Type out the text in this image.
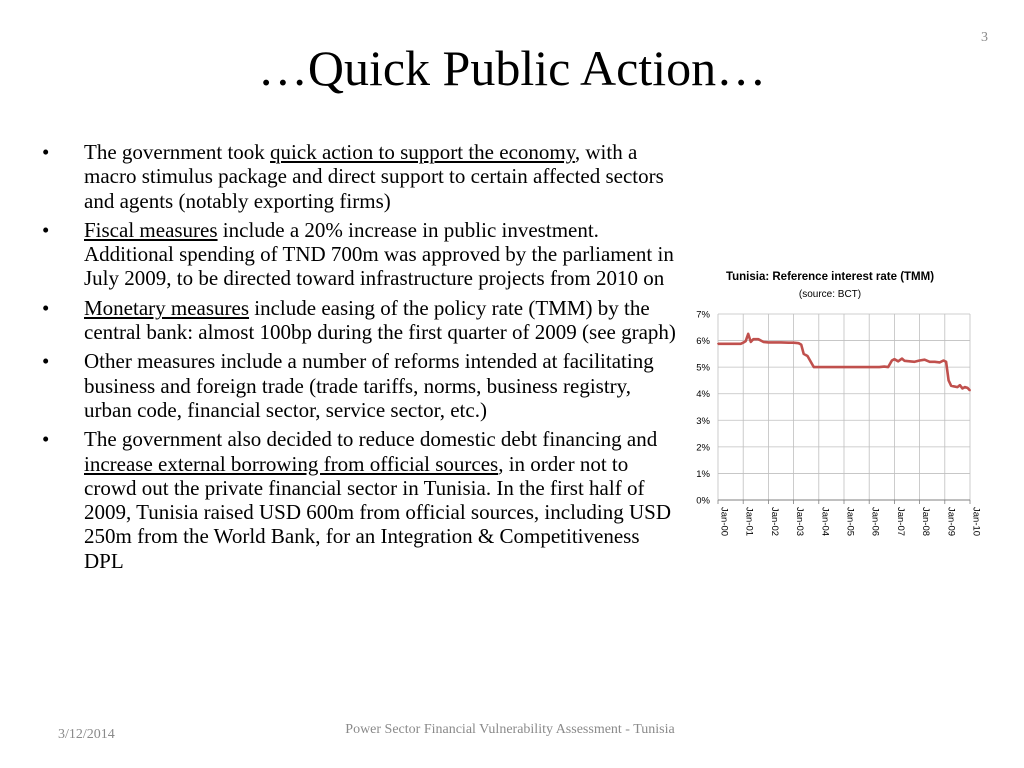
3
…Quick Public Action…
• The government took quick action to support the economy, with a macro stimulus package and direct support to certain affected sectors and agents (notably exporting firms)
• Fiscal measures include a 20% increase in public investment. Additional spending of TND 700m was approved by the parliament in July 2009, to be directed toward infrastructure projects from 2010 on
• Monetary measures include easing of the policy rate (TMM) by the central bank: almost 100bp during the first quarter of 2009 (see graph)
• Other measures include a number of reforms intended at facilitating business and foreign trade (trade tariffs, norms, business registry, urban code, financial sector, service sector, etc.)
• The government also decided to reduce domestic debt financing and increase external borrowing from official sources, in order not to crowd out the private financial sector in Tunisia. In the first half of 2009, Tunisia raised USD 600m from official sources, including USD 250m from the World Bank, for an Integration & Competitiveness DPL
Tunisia: Reference interest rate (TMM)
(source: BCT)
0%
1%
2%
3%
4%
5%
6%
7%
Jan-00 Jan-01 Jan-02 Jan-03 Jan-04 Jan-05 Jan-06 Jan-07 Jan-08 Jan-09 Jan-10
3/12/2014	Power Sector Financial Vulnerability Assessment - Tunisia
